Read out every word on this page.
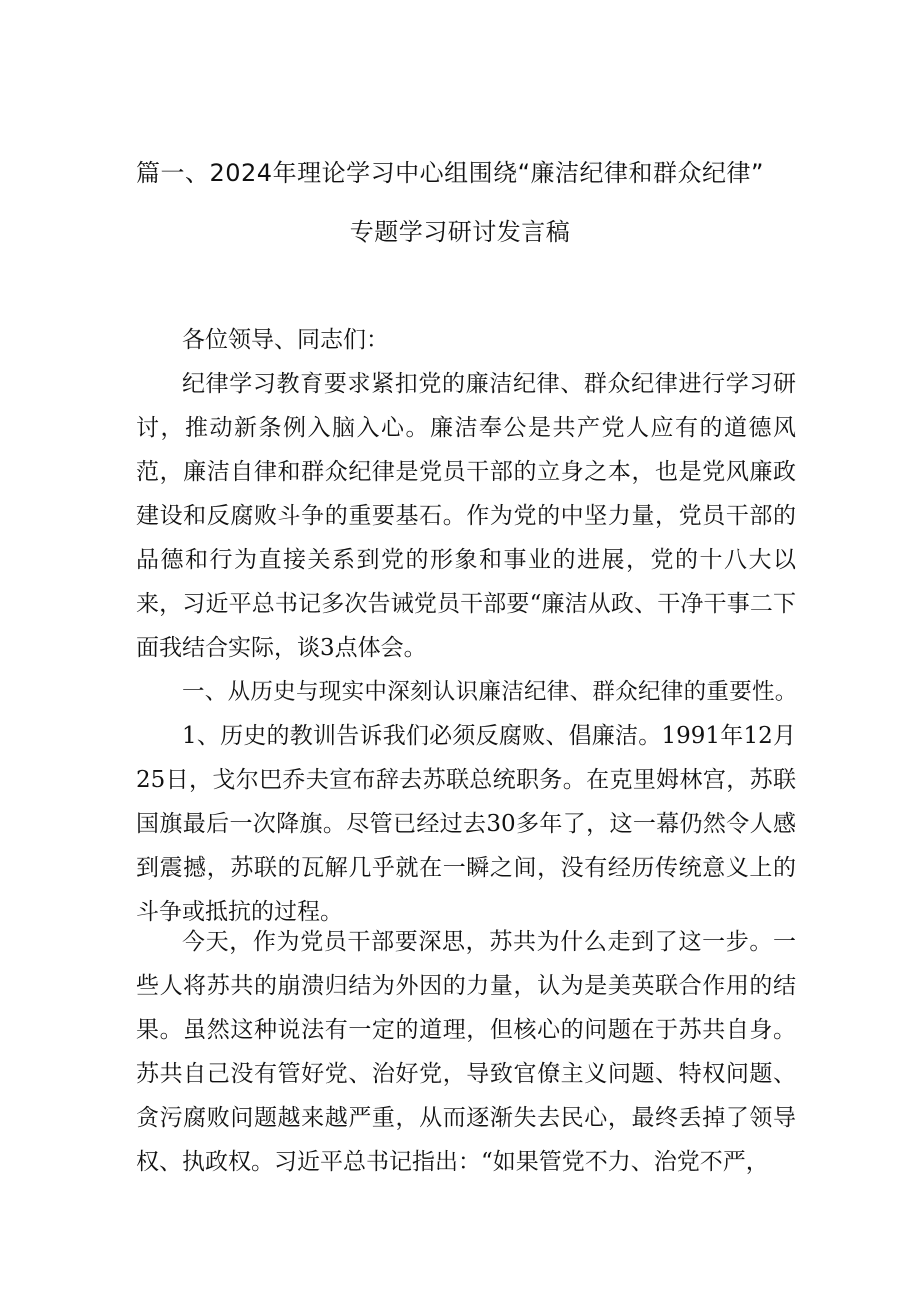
篇一、2024年理论学习中心组围绕“廉洁纪律和群众纪律”
专题学习研讨发言稿

各位领导、同志们：

纪律学习教育要求紧扣党的廉洁纪律、群众纪律进行学习研讨，推动新条例入脑入心。廉洁奉公是共产党人应有的道德风范，廉洁自律和群众纪律是党员干部的立身之本，也是党风廉政建设和反腐败斗争的重要基石。作为党的中坚力量，党员干部的品德和行为直接关系到党的形象和事业的进展，党的十八大以来，习近平总书记多次告诫党员干部要“廉洁从政、干净干事二下面我结合实际，谈3点体会。

一、从历史与现实中深刻认识廉洁纪律、群众纪律的重要性。

1、历史的教训告诉我们必须反腐败、倡廉洁。1991年12月25日，戈尔巴乔夫宣布辞去苏联总统职务。在克里姆林宫，苏联国旗最后一次降旗。尽管已经过去30多年了，这一幕仍然令人感到震撼，苏联的瓦解几乎就在一瞬之间，没有经历传统意义上的斗争或抵抗的过程。

今天，作为党员干部要深思，苏共为什么走到了这一步。一些人将苏共的崩溃归结为外因的力量，认为是美英联合作用的结果。虽然这种说法有一定的道理，但核心的问题在于苏共自身。苏共自己没有管好党、治好党，导致官僚主义问题、特权问题、贪污腐败问题越来越严重，从而逐渐失去民心，最终丢掉了领导权、执政权。习近平总书记指出：“如果管党不力、治党不严，
